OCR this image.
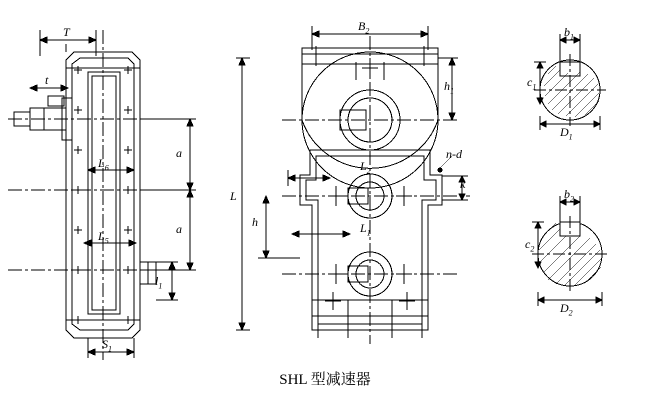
T
t
a
a
$L_6$
$L_5$
$l_1$
$S_1$
$B_2$
$h_1$
L
h
$L_2$
$L_1$
n-d
k
$b_1$
$c_1$
$D_1$
$b_2$
$c_2$
$D_2$
SHL 型减速器
